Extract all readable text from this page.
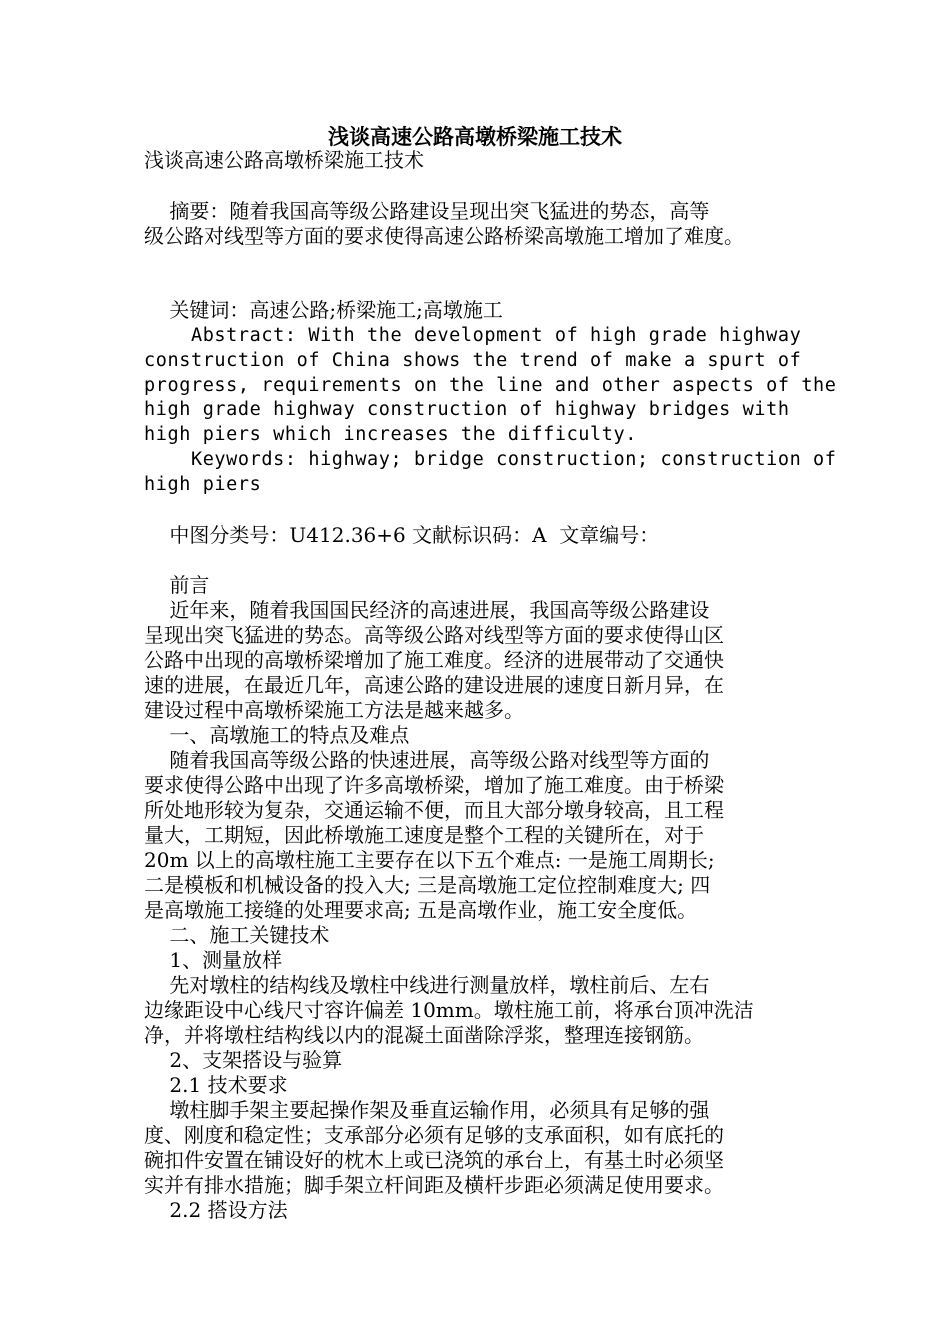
浅谈高速公路高墩桥梁施工技术
浅谈高速公路高墩桥梁施工技术
摘要：随着我国高等级公路建设呈现出突飞猛进的势态，高等
级公路对线型等方面的要求使得高速公路桥梁高墩施工增加了难度。
关键词：高速公路;桥梁施工;高墩施工
Abstract: With the development of high grade highway
construction of China shows the trend of make a spurt of
progress, requirements on the line and other aspects of the
high grade highway construction of highway bridges with
high piers which increases the difficulty.
Keywords: highway; bridge construction; construction of
high piers
中图分类号：U412.36+6 文献标识码：A  文章编号：
前言
近年来，随着我国国民经济的高速进展，我国高等级公路建设
呈现出突飞猛进的势态。高等级公路对线型等方面的要求使得山区
公路中出现的高墩桥梁增加了施工难度。经济的进展带动了交通快
速的进展，在最近几年，高速公路的建设进展的速度日新月异，在
建设过程中高墩桥梁施工方法是越来越多。
一、高墩施工的特点及难点
随着我国高等级公路的快速进展，高等级公路对线型等方面的
要求使得公路中出现了许多高墩桥梁，增加了施工难度。由于桥梁
所处地形较为复杂，交通运输不便，而且大部分墩身较高，且工程
量大，工期短，因此桥墩施工速度是整个工程的关键所在，对于
20m 以上的高墩柱施工主要存在以下五个难点: 一是施工周期长;
二是模板和机械设备的投入大; 三是高墩施工定位控制难度大; 四
是高墩施工接缝的处理要求高; 五是高墩作业，施工安全度低。
二、施工关键技术
1、测量放样
先对墩柱的结构线及墩柱中线进行测量放样，墩柱前后、左右
边缘距设中心线尺寸容许偏差 10mm。墩柱施工前，将承台顶冲洗洁
净，并将墩柱结构线以内的混凝土面凿除浮浆，整理连接钢筋。
2、支架搭设与验算
2.1 技术要求
墩柱脚手架主要起操作架及垂直运输作用，必须具有足够的强
度、刚度和稳定性；支承部分必须有足够的支承面积，如有底托的
碗扣件安置在铺设好的枕木上或已浇筑的承台上，有基土时必须坚
实并有排水措施；脚手架立杆间距及横杆步距必须满足使用要求。
2.2 搭设方法
